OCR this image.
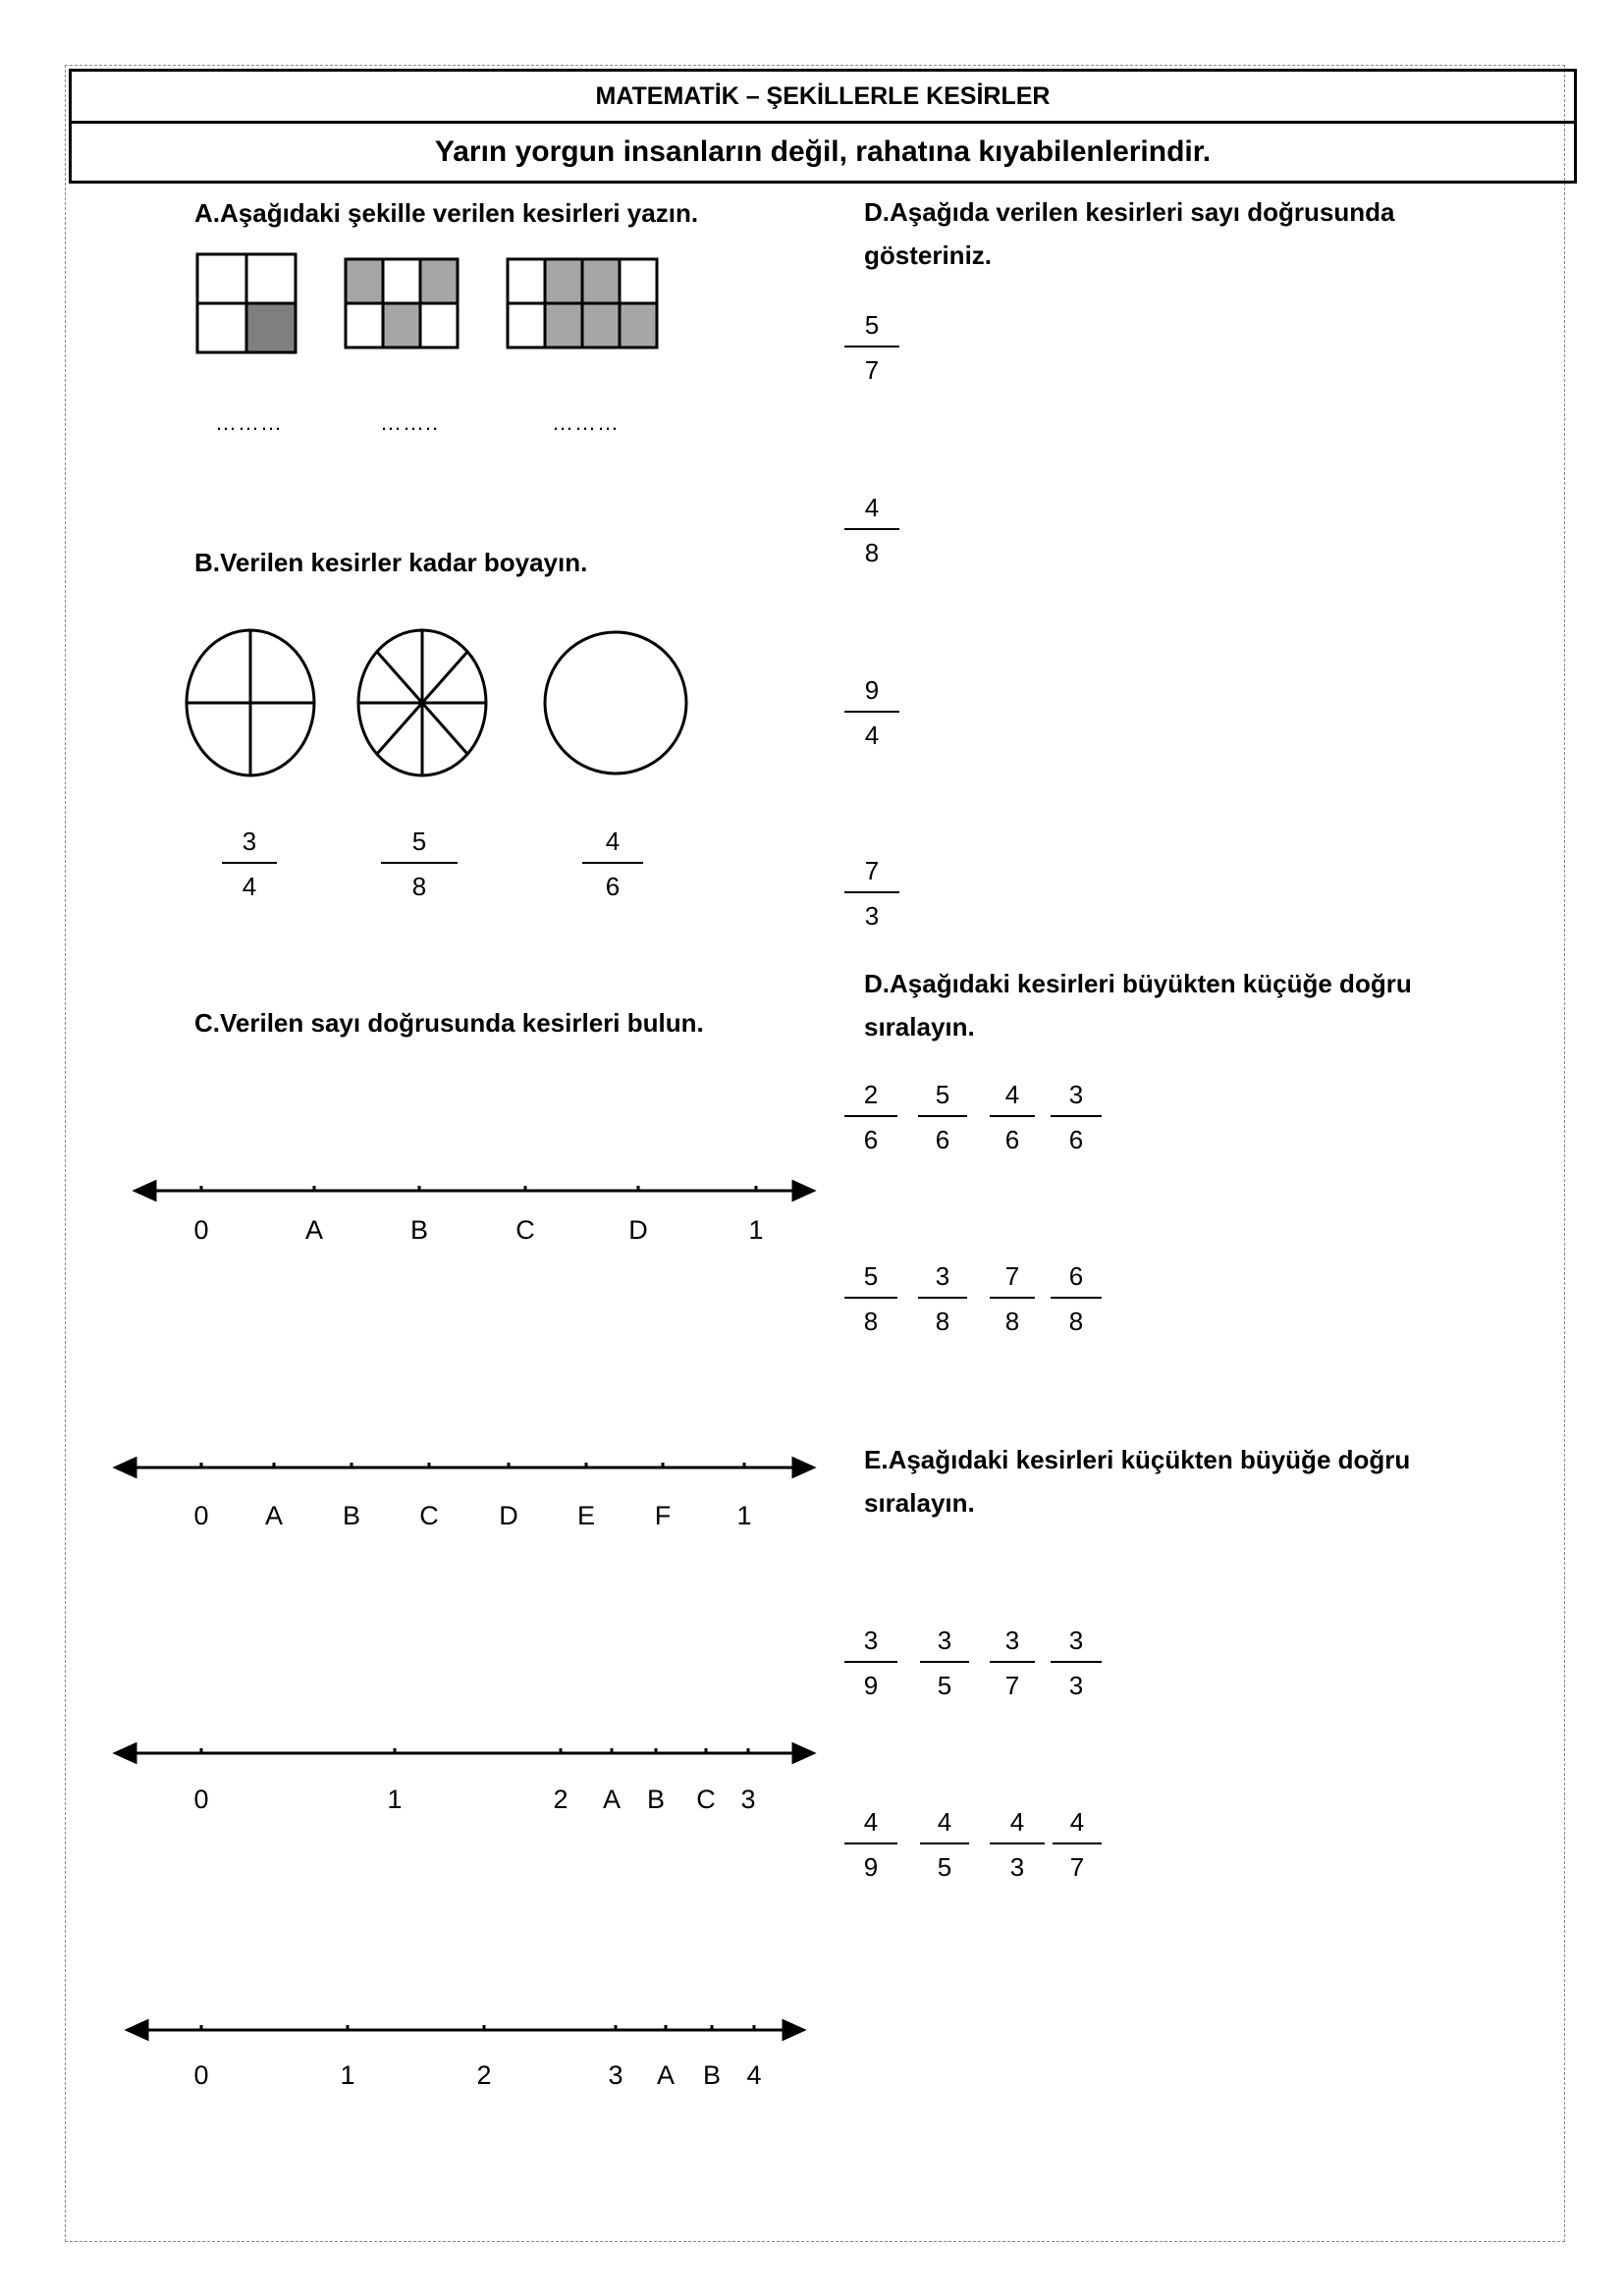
MATEMATİK – ŞEKİLLERLE KESİRLER
Yarın yorgun insanların değil, rahatına kıyabilenlerindir.
A.Aşağıdaki şekille verilen kesirleri yazın.
………	……..	………
B.Verilen kesirler kadar boyayın.
3
4
5
8
4
6
C.Verilen sayı doğrusunda kesirleri bulun.
0	A	B	C	D	1
0 A B C D E F 1
0	1	2 A B C 3
0	1	2	3 A B 4
D.Aşağıda verilen kesirleri sayı doğrusunda
gösteriniz.
5
7
4
8
9
4
7
3
D.Aşağıdaki kesirleri büyükten küçüğe doğru
sıralayın.
2
6
5
6
4
6
3
6
5
8
3
8
7
8
6
8
E.Aşağıdaki kesirleri küçükten büyüğe doğru
sıralayın.
3
9
3
5
3
7
3
3
4
9
4
5
4
3
4
7
